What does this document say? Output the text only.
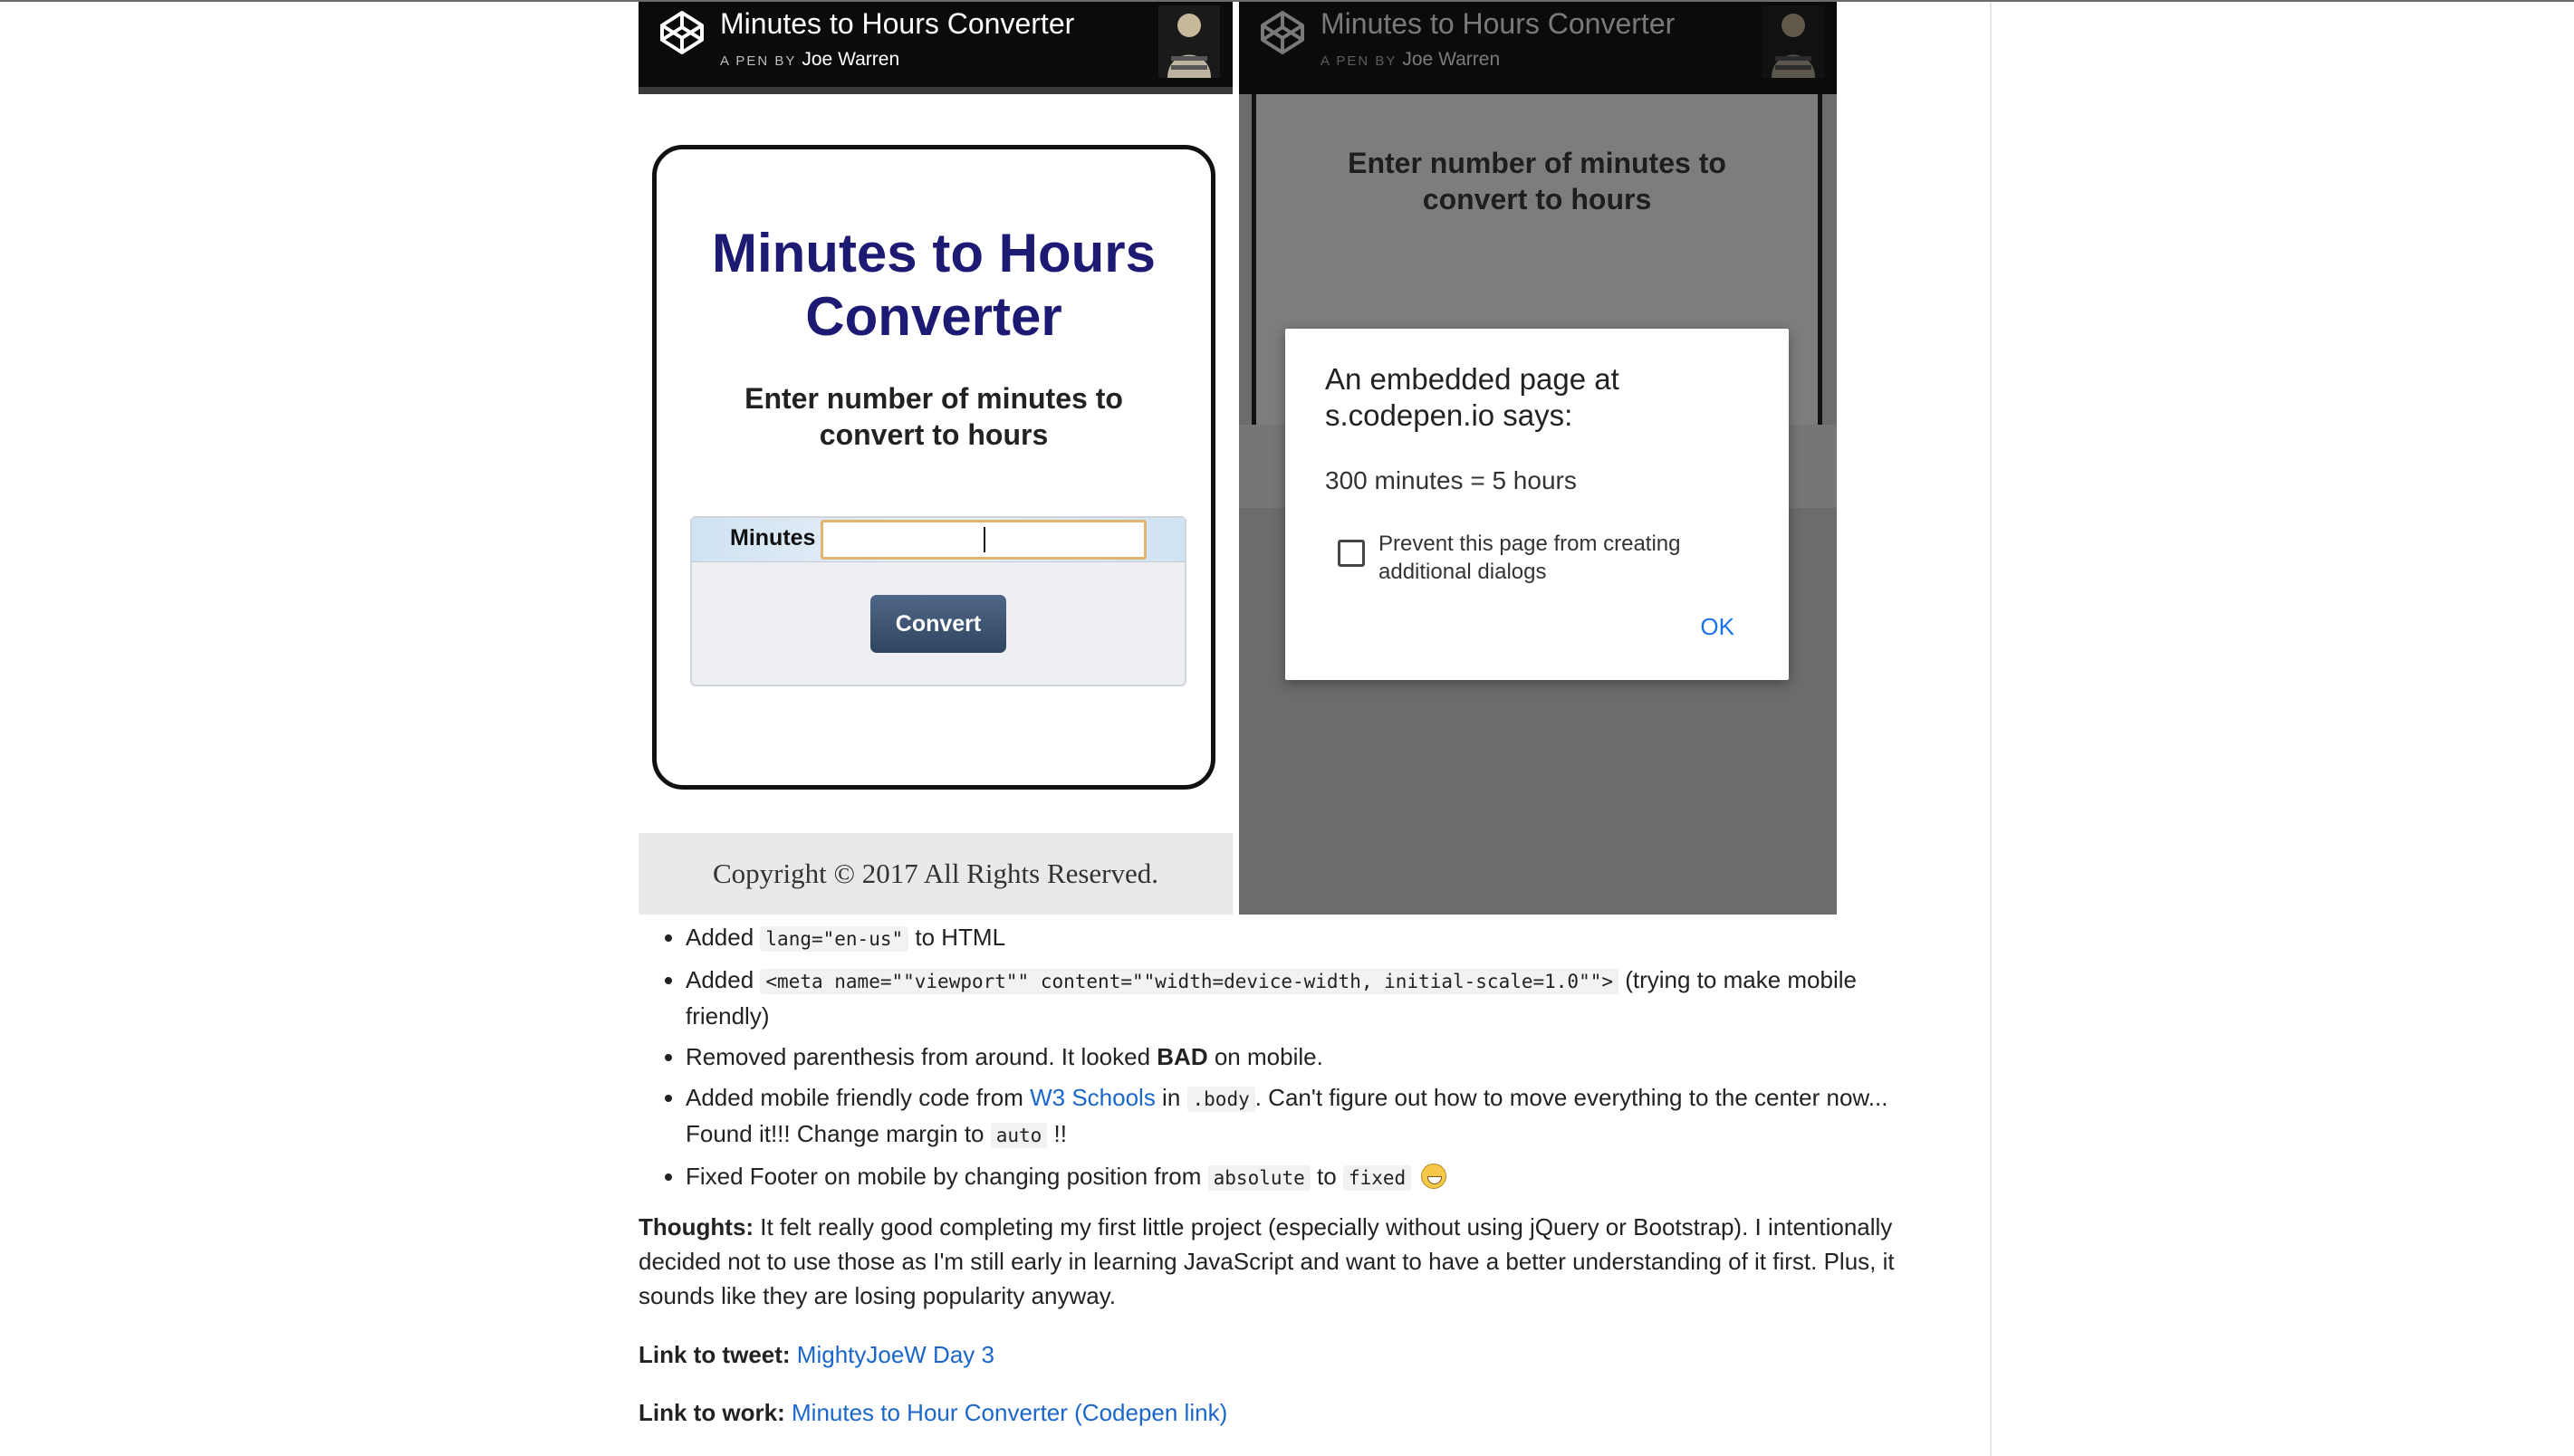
Minutes to Hours Converter
A PEN BY Joe Warren
Minutes to Hours Converter
Enter number of minutes to convert to hours
Minutes
Convert
Copyright © 2017 All Rights Reserved.
Minutes to Hours Converter
A PEN BY Joe Warren
Enter number of minutes to convert to hours
An embedded page at s.codepen.io says:
300 minutes = 5 hours
Prevent this page from creating additional dialogs
OK
• Added lang="en-us" to HTML
• Added <meta name=""viewport"" content=""width=device-width, initial-scale=1.0""> (trying to make mobile friendly)
• Removed parenthesis from around. It looked BAD on mobile.
• Added mobile friendly code from W3 Schools in .body . Can't figure out how to move everything to the center now... Found it!!! Change margin to auto !!
• Fixed Footer on mobile by changing position from absolute to fixed
Thoughts: It felt really good completing my first little project (especially without using jQuery or Bootstrap). I intentionally decided not to use those as I'm still early in learning JavaScript and want to have a better understanding of it first. Plus, it sounds like they are losing popularity anyway.
Link to tweet: MightyJoeW Day 3
Link to work: Minutes to Hour Converter (Codepen link)
